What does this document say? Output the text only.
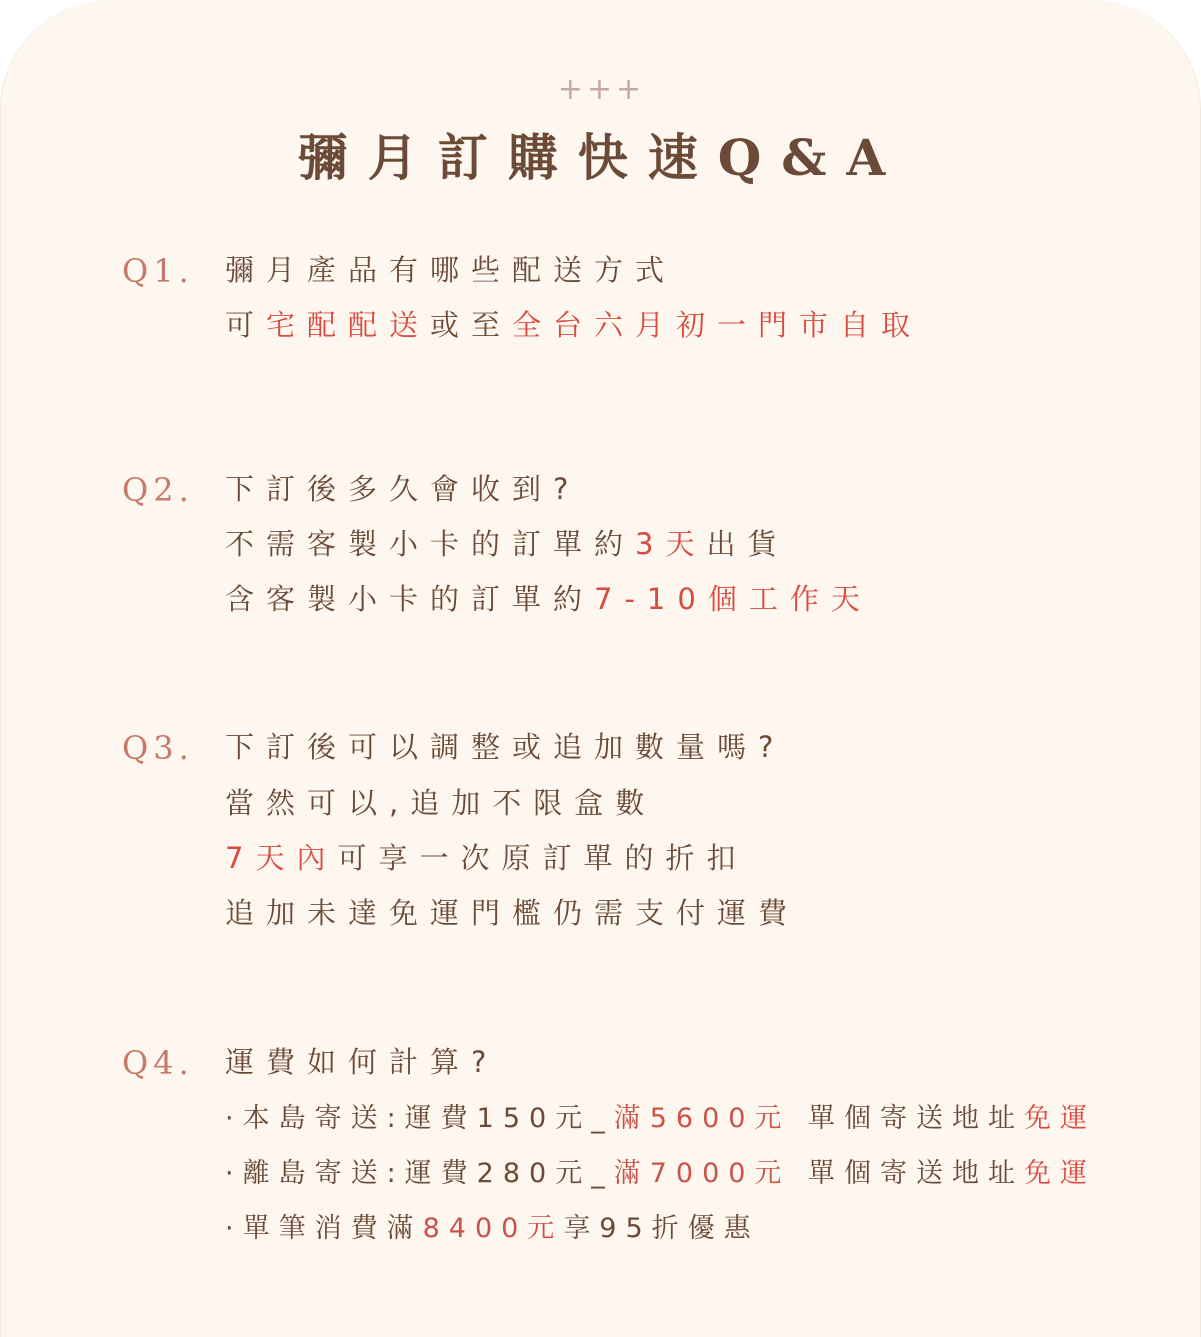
+++
彌月訂購快速Q&A
Q1. 彌月產品有哪些配送方式
可宅配配送或至全台六月初一門市自取
Q2. 下訂後多久會收到?
不需客製小卡的訂單約3天出貨
含客製小卡的訂單約7-10個工作天
Q3. 下訂後可以調整或追加數量嗎?
當然可以,追加不限盒數
7天內可享一次原訂單的折扣
追加未達免運門檻仍需支付運費
Q4. 運費如何計算?
·本島寄送:運費150元_滿5600元 單個寄送地址免運
·離島寄送:運費280元_滿7000元 單個寄送地址免運
·單筆消費滿8400元享95折優惠
